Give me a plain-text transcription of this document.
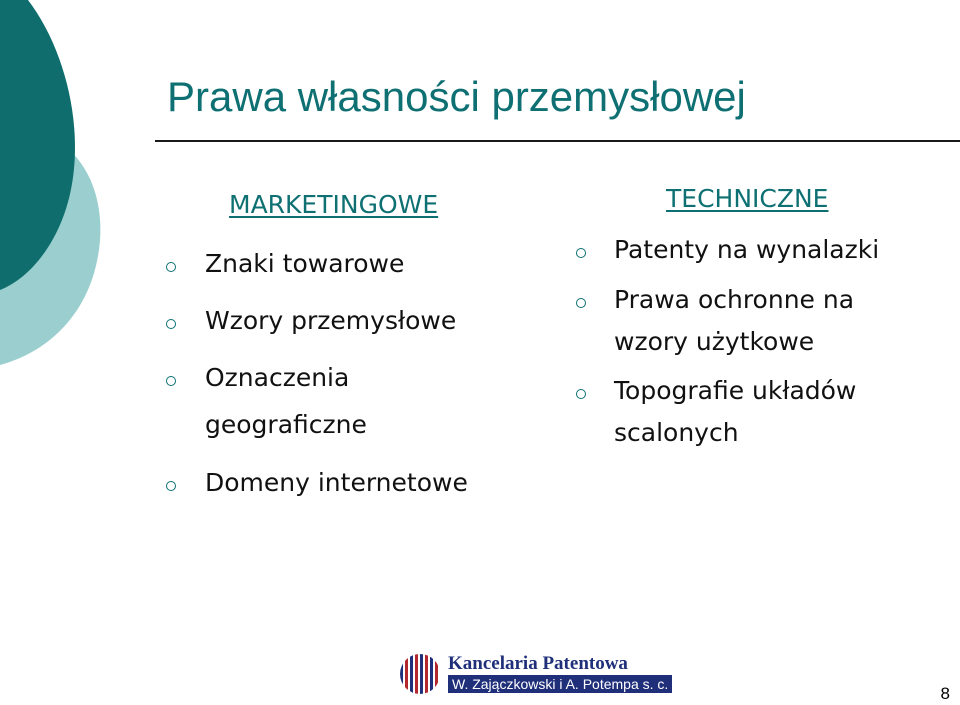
Prawa własności przemysłowej
MARKETINGOWE
Znaki towarowe
Wzory przemysłowe
Oznaczenia
geograficzne
Domeny internetowe
TECHNICZNE
Patenty na wynalazki
Prawa ochronne na
wzory użytkowe
Topografie układów
scalonych
Kancelaria Patentowa
W. Zajączkowski i A. Potempa s. c.	8
